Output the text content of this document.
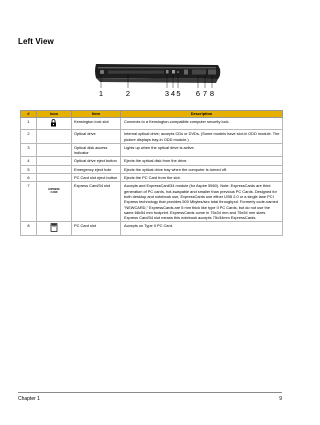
Left View
1	2	3 4 5 6 7 8
#	Icon	Item	Description
1		Kensington lock slot	Connects to a Kensington-compatible computer security lock.
2		Optical drive	Internal optical drive; accepts CDs or DVDs. (Some models have slot-in ODD module. The picture displays tray-in ODD module.)
3		Optical disk access indicator	Lights up when the optical drive is active.
4		Optical drive eject button	Ejects the optical disk from the drive.
5		Emergency eject hole	Ejects the optical drive tray when the computer is turned off.
6		PC Card slot eject button	Ejects the PC Card from the slot.
7	EXPRESS
CARD	Express Card/34 slot	Accepts and ExpressCard/34 module (for Aspire 5560). Note: ExpressCards are third generation of PC cards, hot-swapable and smaller than previous PC Cards. Designed for both desktop and notebook use, ExpressCards use either USB 2.0 or a single lane PCI Express technology that provides 500 Mbytes/sec total throughput. Formerly code-named "NEWCARD," ExpressCards are 5 mm thick like type II PC Cards, but do not use the same 68x54 mm footprint. ExpressCards come in 75x34 mm and 75x54 mm sizes. Express Card/34 slot means this notebook accepts 75x34mm ExpressCards.
8		PC Card slot	Accepts on Type II PC Card.
Chapter 1	9
